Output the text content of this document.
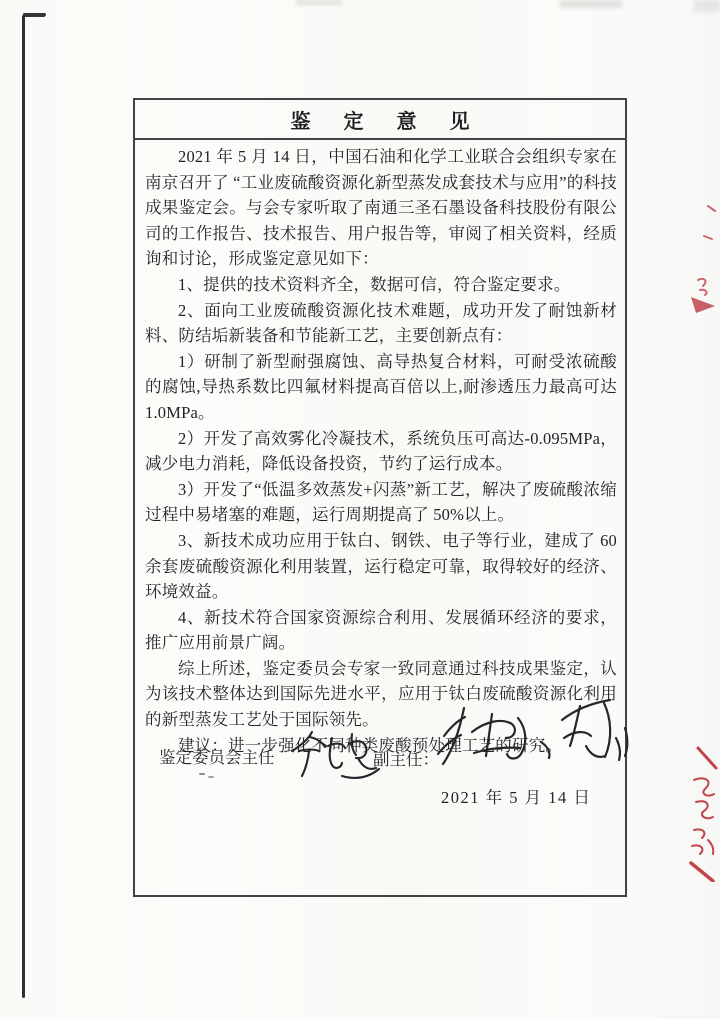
鉴 定 意 见

2021 年 5 月 14 日，中国石油和化学工业联合会组织专家在南京召开了 “工业废硫酸资源化新型蒸发成套技术与应用”的科技成果鉴定会。与会专家听取了南通三圣石墨设备科技股份有限公司的工作报告、技术报告、用户报告等，审阅了相关资料，经质询和讨论，形成鉴定意见如下：

1、提供的技术资料齐全，数据可信，符合鉴定要求。

2、面向工业废硫酸资源化技术难题，成功开发了耐蚀新材料、防结垢新装备和节能新工艺，主要创新点有：

1）研制了新型耐强腐蚀、高导热复合材料，可耐受浓硫酸的腐蚀,导热系数比四氟材料提高百倍以上,耐渗透压力最高可达 1.0MPa。

2）开发了高效雾化冷凝技术，系统负压可高达-0.095MPa，减少电力消耗，降低设备投资，节约了运行成本。

3）开发了“低温多效蒸发+闪蒸”新工艺，解决了废硫酸浓缩过程中易堵塞的难题，运行周期提高了 50%以上。

3、新技术成功应用于钛白、钢铁、电子等行业，建成了 60 余套废硫酸资源化利用装置，运行稳定可靠，取得较好的经济、环境效益。

4、新技术符合国家资源综合利用、发展循环经济的要求，推广应用前景广阔。

综上所述，鉴定委员会专家一致同意通过科技成果鉴定，认为该技术整体达到国际先进水平，应用于钛白废硫酸资源化利用的新型蒸发工艺处于国际领先。

建议：进一步强化不同种类废酸预处理工艺的研究。

鉴定委员会主任	副主任：
2021 年 5 月 14 日
